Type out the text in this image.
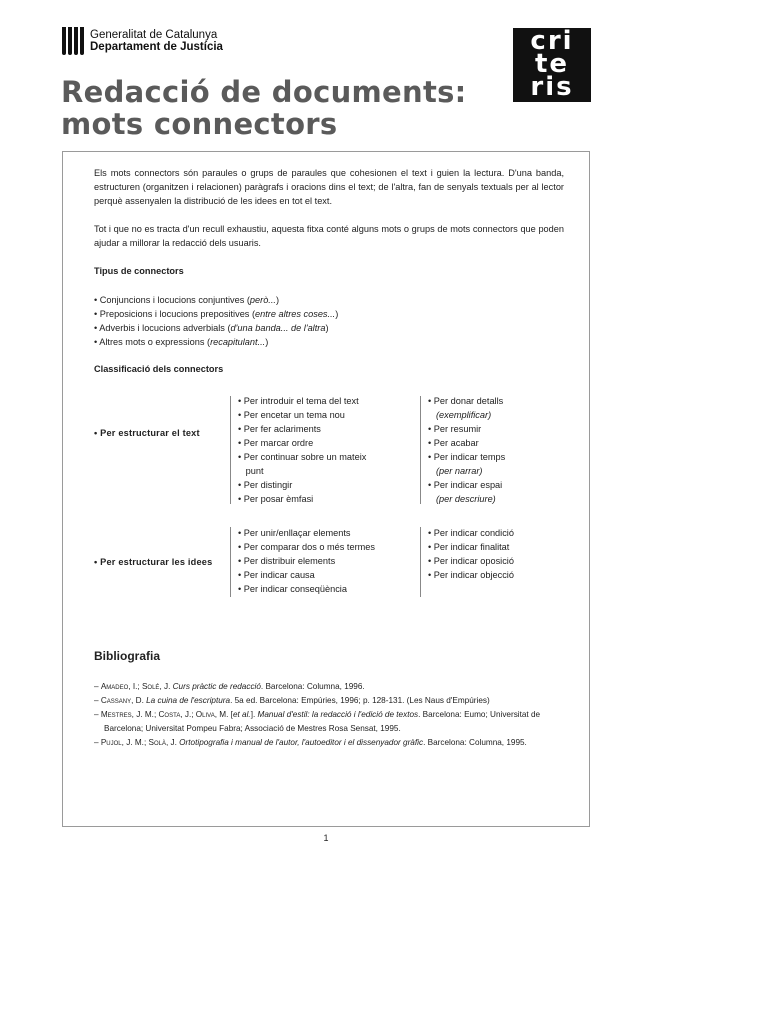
Generalitat de Catalunya
Departament de Justícia	cri
te
ris
Redacció de documents:
mots connectors
Els mots connectors són paraules o grups de paraules que cohesionen el text i guien la lectura. D'una banda, estructuren (organitzen i relacionen) paràgrafs i oracions dins el text; de l'altra, fan de senyals textuals per al lector perquè assenyalen la distribució de les idees en tot el text.
Tot i que no es tracta d'un recull exhaustiu, aquesta fitxa conté alguns mots o grups de mots connectors que poden ajudar a millorar la redacció dels usuaris.
Tipus de connectors
• Conjuncions i locucions conjuntives (però...)
• Preposicions i locucions prepositives (entre altres coses...)
• Adverbis i locucions adverbials (d'una banda... de l'altra)
• Altres mots o expressions (recapitulant...)
Classificació dels connectors
• Per estructurar el text
• Per introduir el tema del text
• Per encetar un tema nou
• Per fer aclariments
• Per marcar ordre
• Per continuar sobre un mateix
punt
• Per distingir
• Per posar èmfasi
• Per donar detalls
(exemplificar)
• Per resumir
• Per acabar
• Per indicar temps
(per narrar)
• Per indicar espai
(per descriure)
• Per estructurar les idees
• Per unir/enllaçar elements
• Per comparar dos o més termes
• Per distribuir elements
• Per indicar causa
• Per indicar conseqüència
• Per indicar condició
• Per indicar finalitat
• Per indicar oposició
• Per indicar objecció
Bibliografia
– Amadeo, I.; Solé, J. Curs pràctic de redacció. Barcelona: Columna, 1996.
– Cassany, D. La cuina de l'escriptura. 5a ed. Barcelona: Empúries, 1996; p. 128-131. (Les Naus d'Empúries)
– Mestres, J. M.; Costa, J.; Oliva, M. [et al.]. Manual d'estil: la redacció i l'edició de textos. Barcelona: Eumo; Universitat de Barcelona; Universitat Pompeu Fabra; Associació de Mestres Rosa Sensat, 1995.
– Pujol, J. M.; Solà, J. Ortotipografia i manual de l'autor, l'autoeditor i el dissenyador gràfic. Barcelona: Columna, 1995.
1
